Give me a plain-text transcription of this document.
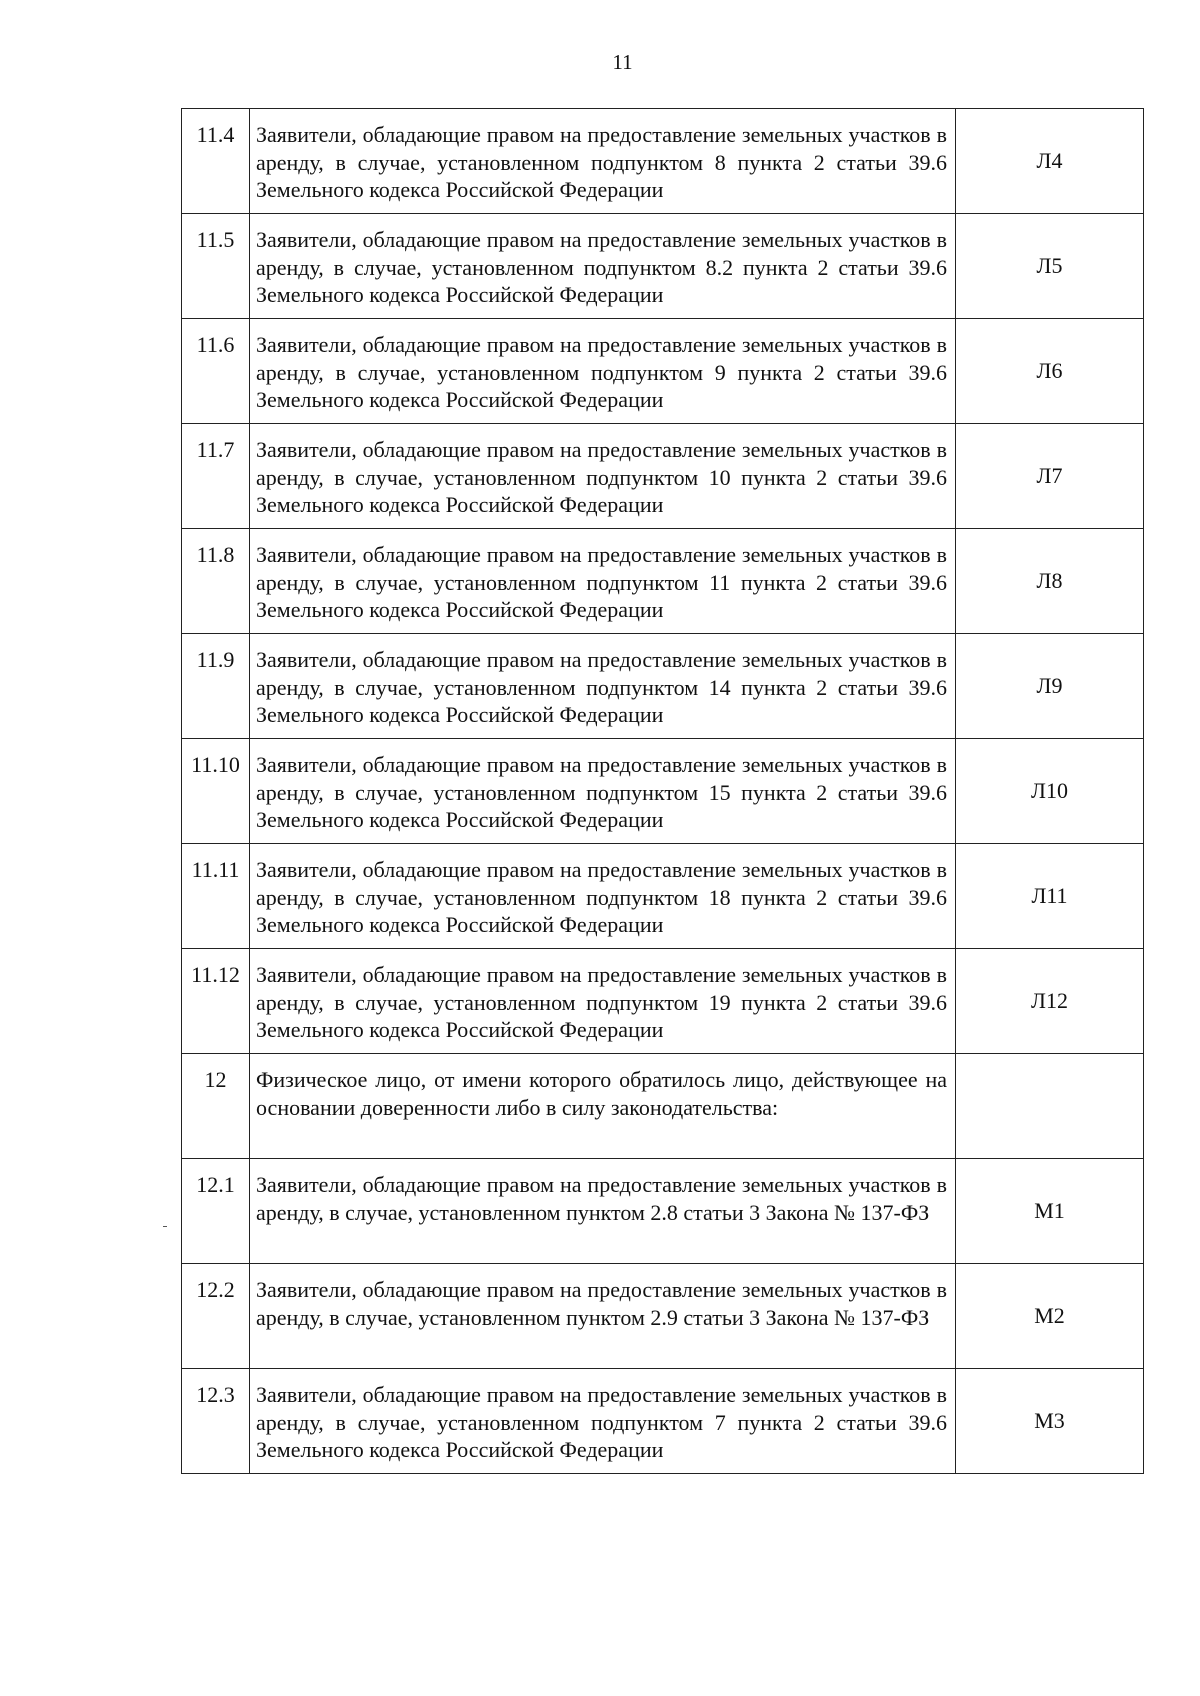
11
11.4	Заявители, обладающие правом на предоставление земельных участков в аренду, в случае, установленном подпунктом 8 пункта 2 статьи 39.6 Земельного кодекса Российской Федерации	Л4
11.5	Заявители, обладающие правом на предоставление земельных участков в аренду, в случае, установленном подпунктом 8.2 пункта 2 статьи 39.6 Земельного кодекса Российской Федерации	Л5
11.6	Заявители, обладающие правом на предоставление земельных участков в аренду, в случае, установленном подпунктом 9 пункта 2 статьи 39.6 Земельного кодекса Российской Федерации	Л6
11.7	Заявители, обладающие правом на предоставление земельных участков в аренду, в случае, установленном подпунктом 10 пункта 2 статьи 39.6 Земельного кодекса Российской Федерации	Л7
11.8	Заявители, обладающие правом на предоставление земельных участков в аренду, в случае, установленном подпунктом 11 пункта 2 статьи 39.6 Земельного кодекса Российской Федерации	Л8
11.9	Заявители, обладающие правом на предоставление земельных участков в аренду, в случае, установленном подпунктом 14 пункта 2 статьи 39.6 Земельного кодекса Российской Федерации	Л9
11.10	Заявители, обладающие правом на предоставление земельных участков в аренду, в случае, установленном подпунктом 15 пункта 2 статьи 39.6 Земельного кодекса Российской Федерации	Л10
11.11	Заявители, обладающие правом на предоставление земельных участков в аренду, в случае, установленном подпунктом 18 пункта 2 статьи 39.6 Земельного кодекса Российской Федерации	Л11
11.12	Заявители, обладающие правом на предоставление земельных участков в аренду, в случае, установленном подпунктом 19 пункта 2 статьи 39.6 Земельного кодекса Российской Федерации	Л12
12	Физическое лицо, от имени которого обратилось лицо, действующее на основании доверенности либо в силу законодательства:	
12.1	Заявители, обладающие правом на предоставление земельных участков в аренду, в случае, установленном пунктом 2.8 статьи 3 Закона № 137-ФЗ	М1
12.2	Заявители, обладающие правом на предоставление земельных участков в аренду, в случае, установленном пунктом 2.9 статьи 3 Закона № 137-ФЗ	М2
12.3	Заявители, обладающие правом на предоставление земельных участков в аренду, в случае, установленном подпунктом 7 пункта 2 статьи 39.6 Земельного кодекса Российской Федерации	М3
